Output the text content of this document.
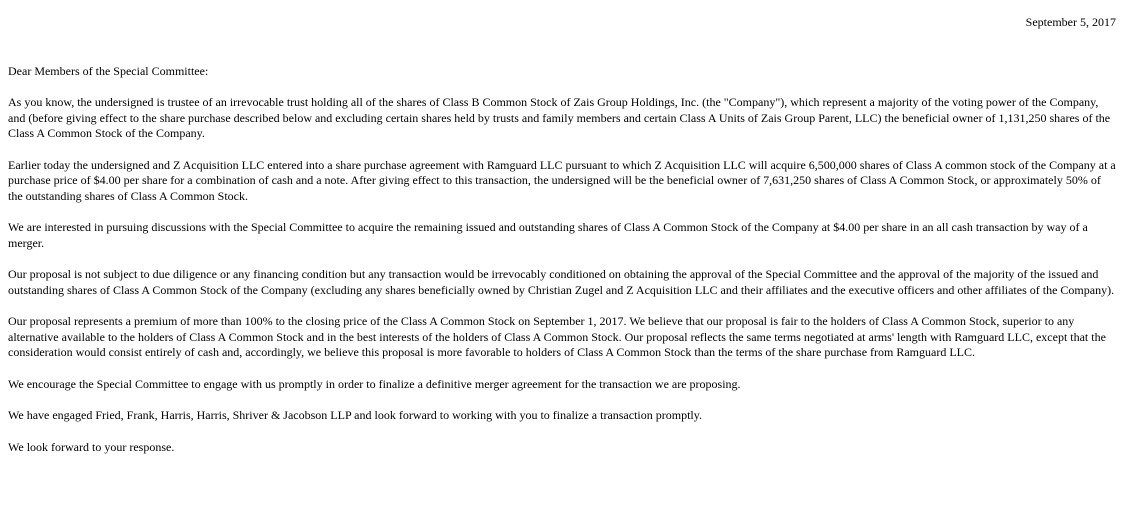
September 5, 2017

Dear Members of the Special Committee:

As you know, the undersigned is trustee of an irrevocable trust holding all of the shares of Class B Common Stock of Zais Group Holdings, Inc. (the "Company"), which represent a majority of the voting power of the Company, and (before giving effect to the share purchase described below and excluding certain shares held by trusts and family members and certain Class A Units of Zais Group Parent, LLC) the beneficial owner of 1,131,250 shares of the Class A Common Stock of the Company.

Earlier today the undersigned and Z Acquisition LLC entered into a share purchase agreement with Ramguard LLC pursuant to which Z Acquisition LLC will acquire 6,500,000 shares of Class A common stock of the Company at a purchase price of $4.00 per share for a combination of cash and a note. After giving effect to this transaction, the undersigned will be the beneficial owner of 7,631,250 shares of Class A Common Stock, or approximately 50% of the outstanding shares of Class A Common Stock.

We are interested in pursuing discussions with the Special Committee to acquire the remaining issued and outstanding shares of Class A Common Stock of the Company at $4.00 per share in an all cash transaction by way of a merger.

Our proposal is not subject to due diligence or any financing condition but any transaction would be irrevocably conditioned on obtaining the approval of the Special Committee and the approval of the majority of the issued and outstanding shares of Class A Common Stock of the Company (excluding any shares beneficially owned by Christian Zugel and Z Acquisition LLC and their affiliates and the executive officers and other affiliates of the Company).

Our proposal represents a premium of more than 100% to the closing price of the Class A Common Stock on September 1, 2017. We believe that our proposal is fair to the holders of Class A Common Stock, superior to any alternative available to the holders of Class A Common Stock and in the best interests of the holders of Class A Common Stock. Our proposal reflects the same terms negotiated at arms' length with Ramguard LLC, except that the consideration would consist entirely of cash and, accordingly, we believe this proposal is more favorable to holders of Class A Common Stock than the terms of the share purchase from Ramguard LLC.

We encourage the Special Committee to engage with us promptly in order to finalize a definitive merger agreement for the transaction we are proposing.

We have engaged Fried, Frank, Harris, Harris, Shriver & Jacobson LLP and look forward to working with you to finalize a transaction promptly.

We look forward to your response.
